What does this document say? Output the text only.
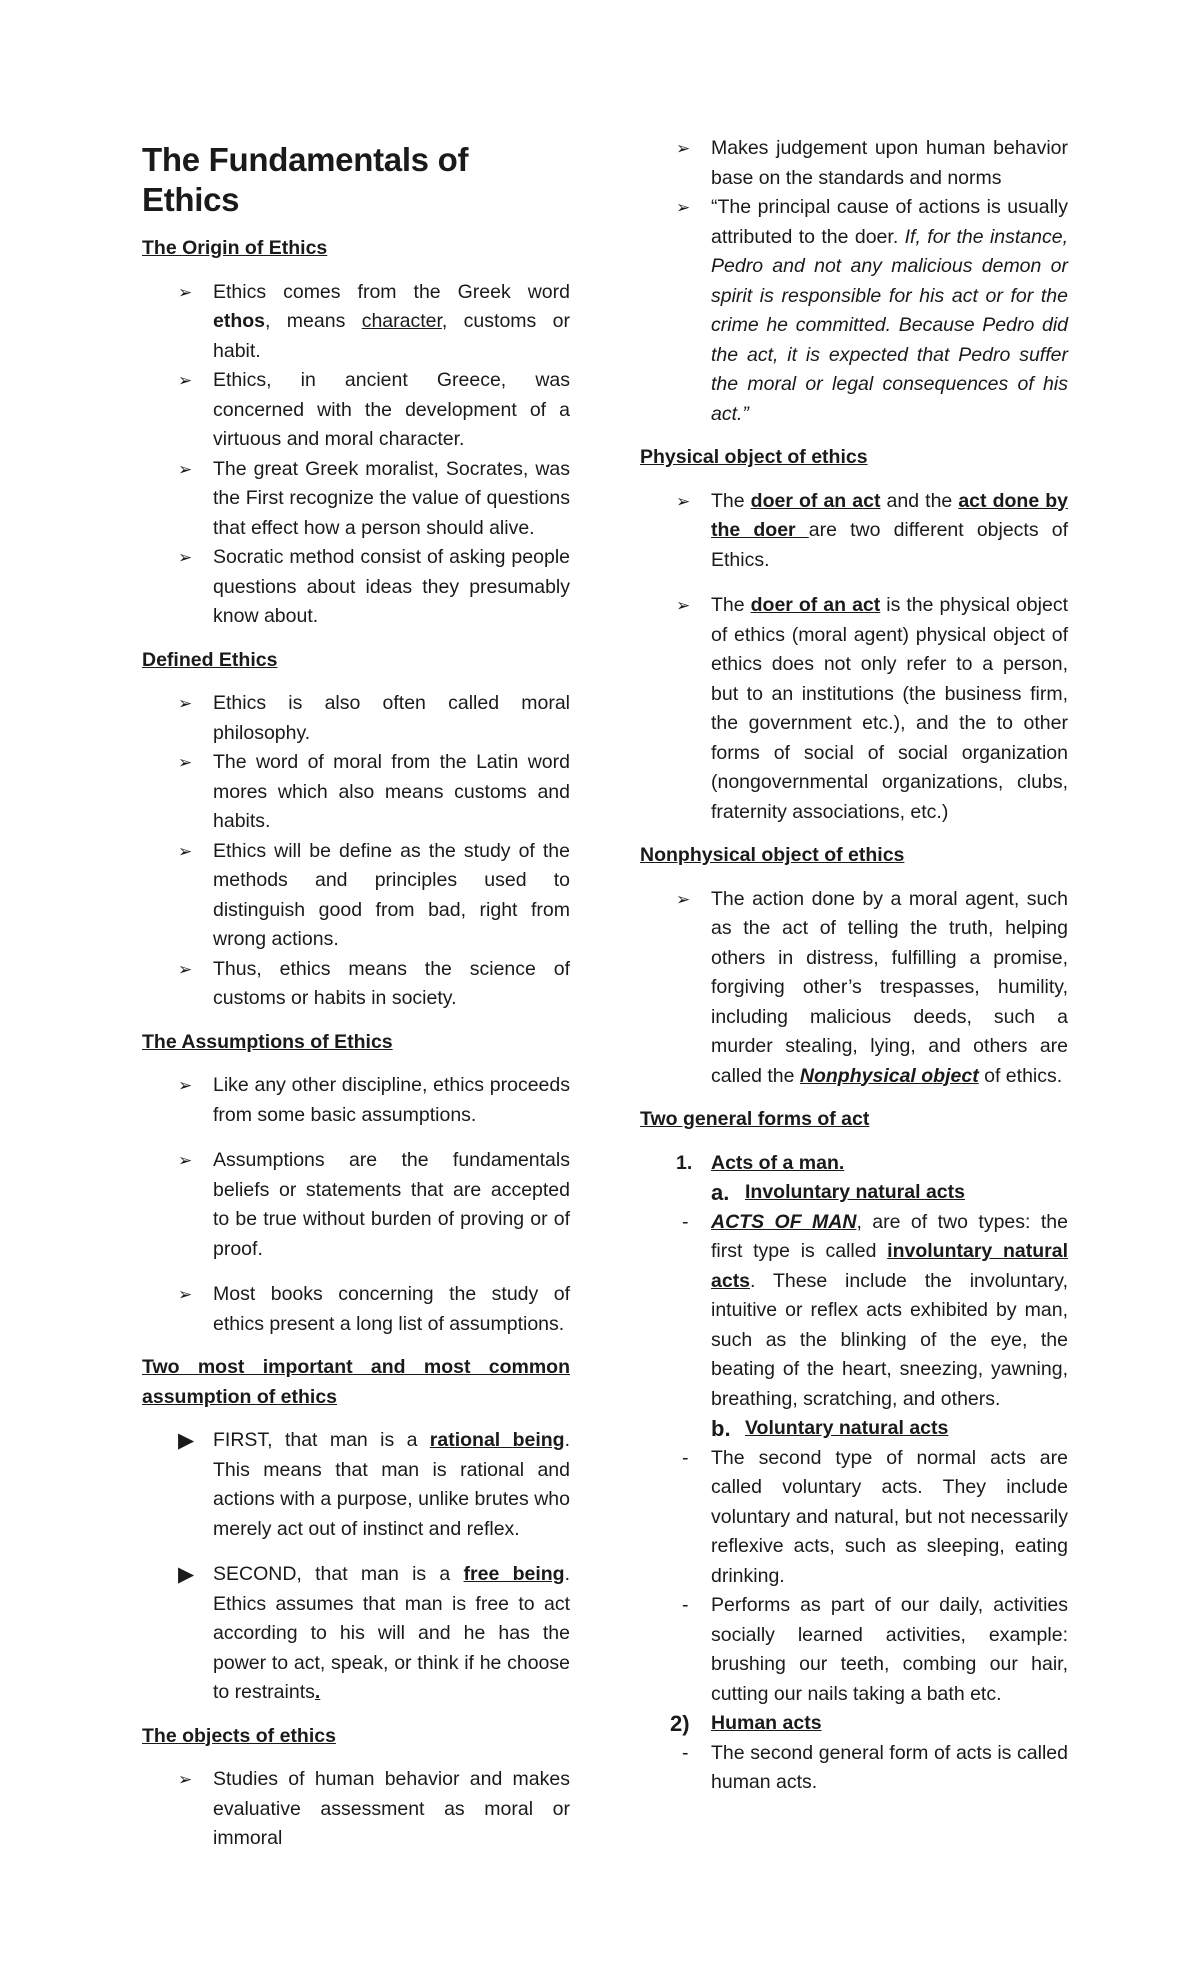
The Fundamentals of Ethics
The Origin of Ethics
➢ Ethics comes from the Greek word ethos, means character, customs or habit.
➢ Ethics, in ancient Greece, was concerned with the development of a virtuous and moral character.
➢ The great Greek moralist, Socrates, was the First recognize the value of questions that effect how a person should alive.
➢ Socratic method consist of asking people questions about ideas they presumably know about.
Defined Ethics
➢ Ethics is also often called moral philosophy.
➢ The word of moral from the Latin word mores which also means customs and habits.
➢ Ethics will be define as the study of the methods and principles used to distinguish good from bad, right from wrong actions.
➢ Thus, ethics means the science of customs or habits in society.
The Assumptions of Ethics
➢ Like any other discipline, ethics proceeds from some basic assumptions.
➢ Assumptions are the fundamentals beliefs or statements that are accepted to be true without burden of proving or of proof.
➢ Most books concerning the study of ethics present a long list of assumptions.
Two most important and most common assumption of ethics
▶ FIRST, that man is a rational being. This means that man is rational and actions with a purpose, unlike brutes who merely act out of instinct and reflex.
▶ SECOND, that man is a free being. Ethics assumes that man is free to act according to his will and he has the power to act, speak, or think if he choose to restraints.
The objects of ethics
➢ Studies of human behavior and makes evaluative assessment as moral or immoral
➢ Makes judgement upon human behavior base on the standards and norms
➢ “The principal cause of actions is usually attributed to the doer. If, for the instance, Pedro and not any malicious demon or spirit is responsible for his act or for the crime he committed. Because Pedro did the act, it is expected that Pedro suffer the moral or legal consequences of his act.”
Physical object of ethics
➢ The doer of an act and the act done by the doer are two different objects of Ethics.
➢ The doer of an act is the physical object of ethics (moral agent) physical object of ethics does not only refer to a person, but to an institutions (the business firm, the government etc.), and the to other forms of social of social organization (nongovernmental organizations, clubs, fraternity associations, etc.)
Nonphysical object of ethics
➢ The action done by a moral agent, such as the act of telling the truth, helping others in distress, fulfilling a promise, forgiving other’s trespasses, humility, including malicious deeds, such a murder stealing, lying, and others are called the Nonphysical object of ethics.
Two general forms of act
1. Acts of a man.
a. Involuntary natural acts
- ACTS OF MAN, are of two types: the first type is called involuntary natural acts. These include the involuntary, intuitive or reflex acts exhibited by man, such as the blinking of the eye, the beating of the heart, sneezing, yawning, breathing, scratching, and others.
b. Voluntary natural acts
- The second type of normal acts are called voluntary acts. They include voluntary and natural, but not necessarily reflexive acts, such as sleeping, eating drinking.
- Performs as part of our daily, activities socially learned activities, example: brushing our teeth, combing our hair, cutting our nails taking a bath etc.
2) Human acts
- The second general form of acts is called human acts.
